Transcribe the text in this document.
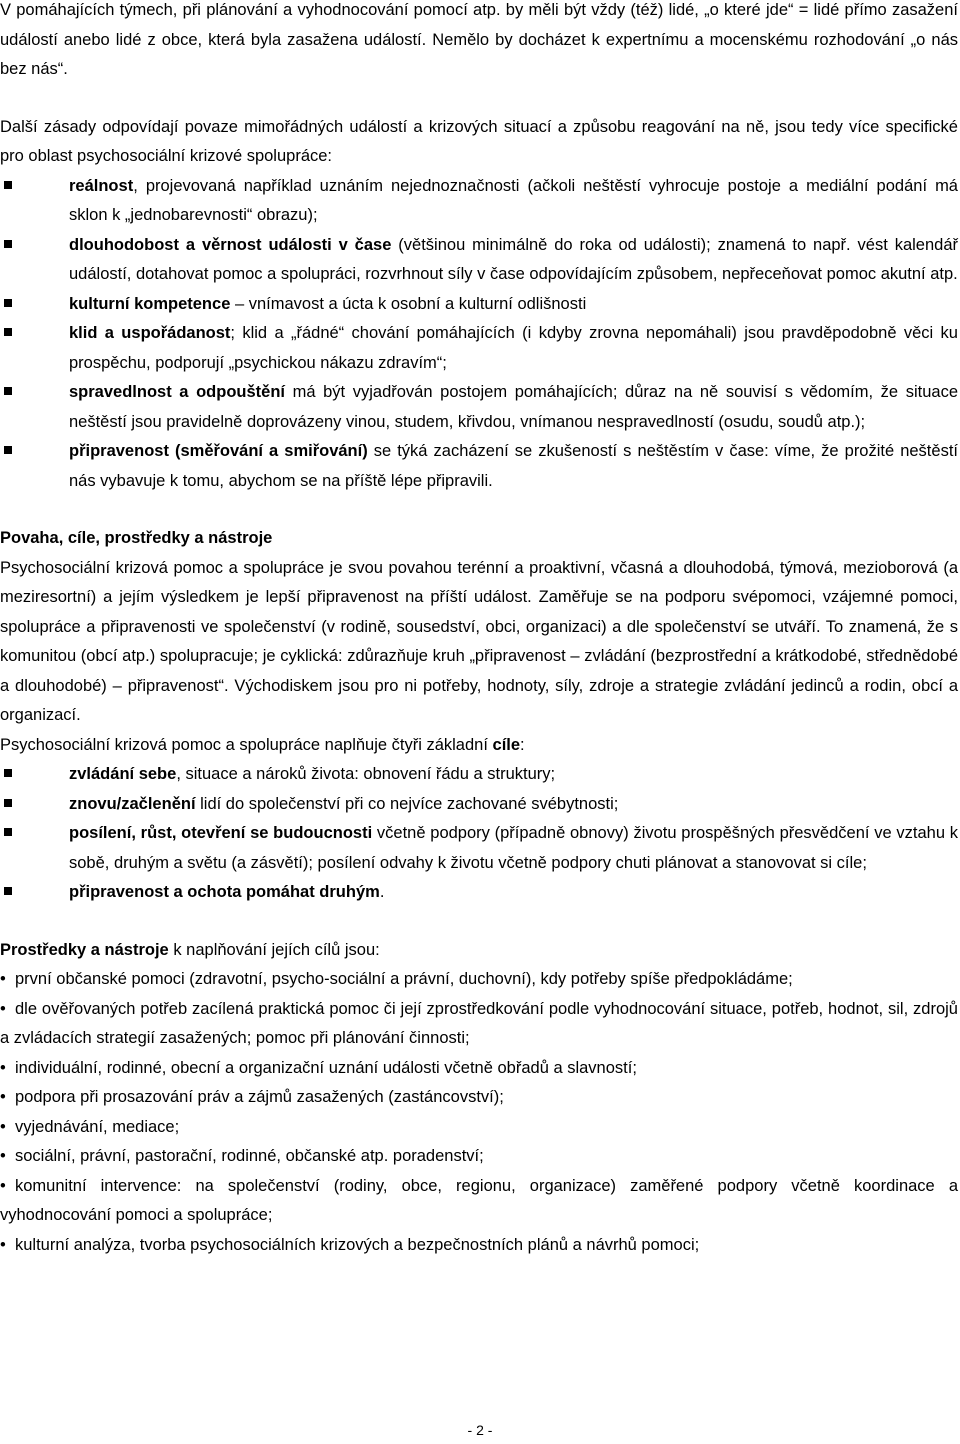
V pomáhajících týmech, při plánování a vyhodnocování pomocí atp. by měli být vždy (též) lidé, „o které jde“ = lidé přímo zasažení událostí anebo lidé z obce, která byla zasažena událostí. Nemělo by docházet k expertnímu a mocenskému rozhodování „o nás bez nás“.

Další zásady odpovídají povaze mimořádných událostí a krizových situací a způsobu reagování na ně, jsou tedy více specifické pro oblast psychosociální krizové spolupráce:

reálnost, projevovaná například uznáním nejednoznačnosti (ačkoli neštěstí vyhrocuje postoje a mediální podání má sklon k „jednobarevnosti“ obrazu);
dlouhodobost a věrnost události v čase (většinou minimálně do roka od události); znamená to např. vést kalendář událostí, dotahovat pomoc a spolupráci, rozvrhnout síly v čase odpovídajícím způsobem, nepřeceňovat pomoc akutní atp.
kulturní kompetence – vnímavost a úcta k osobní a kulturní odlišnosti
klid a uspořádanost; klid a „řádné“ chování pomáhajících (i kdyby zrovna nepomáhali) jsou pravděpodobně věci ku prospěchu, podporují „psychickou nákazu zdravím“;
spravedlnost a odpouštění má být vyjadřován postojem pomáhajících; důraz na ně souvisí s vědomím, že situace neštěstí jsou pravidelně doprovázeny vinou, studem, křivdou, vnímanou nespravedlností (osudu, soudů atp.);
připravenost (směřování a smiřování) se týká zacházení se zkušeností s neštěstím v čase: víme, že prožité neštěstí nás vybavuje k tomu, abychom se na příště lépe připravili.

Povaha, cíle, prostředky a nástroje

Psychosociální krizová pomoc a spolupráce je svou povahou terénní a proaktivní, včasná a dlouhodobá, týmová, mezioborová (a meziresortní) a jejím výsledkem je lepší připravenost na příští událost. Zaměřuje se na podporu svépomoci, vzájemné pomoci, spolupráce a připravenosti ve společenství (v rodině, sousedství, obci, organizaci) a dle společenství se utváří. To znamená, že s komunitou (obcí atp.) spolupracuje; je cyklická: zdůrazňuje kruh „připravenost – zvládání (bezprostřední a krátkodobé, střednědobé a dlouhodobé) – připravenost“. Východiskem jsou pro ni potřeby, hodnoty, síly, zdroje a strategie zvládání jedinců a rodin, obcí a organizací.

Psychosociální krizová pomoc a spolupráce naplňuje čtyři základní cíle:

zvládání sebe, situace a nároků života: obnovení řádu a struktury;
znovu/začlenění lidí do společenství při co nejvíce zachované svébytnosti;
posílení, růst, otevření se budoucnosti včetně podpory (případně obnovy) životu prospěšných přesvědčení ve vztahu k sobě, druhým a světu (a zásvětí); posílení odvahy k životu včetně podpory chuti plánovat a stanovovat si cíle;
připravenost a ochota pomáhat druhým.

Prostředky a nástroje k naplňování jejích cílů jsou:

• první občanské pomoci (zdravotní, psycho-sociální a právní, duchovní), kdy potřeby spíše předpokládáme;
• dle ověřovaných potřeb zacílená praktická pomoc či její zprostředkování podle vyhodnocování situace, potřeb, hodnot, sil, zdrojů a zvládacích strategií zasažených; pomoc při plánování činnosti;
• individuální, rodinné, obecní a organizační uznání události včetně obřadů a slavností;
• podpora při prosazování práv a zájmů zasažených (zastáncovství);
• vyjednávání, mediace;
• sociální, právní, pastorační, rodinné, občanské atp. poradenství;
• komunitní intervence: na společenství (rodiny, obce, regionu, organizace) zaměřené podpory včetně koordinace a vyhodnocování pomoci a spolupráce;
• kulturní analýza, tvorba psychosociálních krizových a bezpečnostních plánů a návrhů pomoci;
- 2 -
